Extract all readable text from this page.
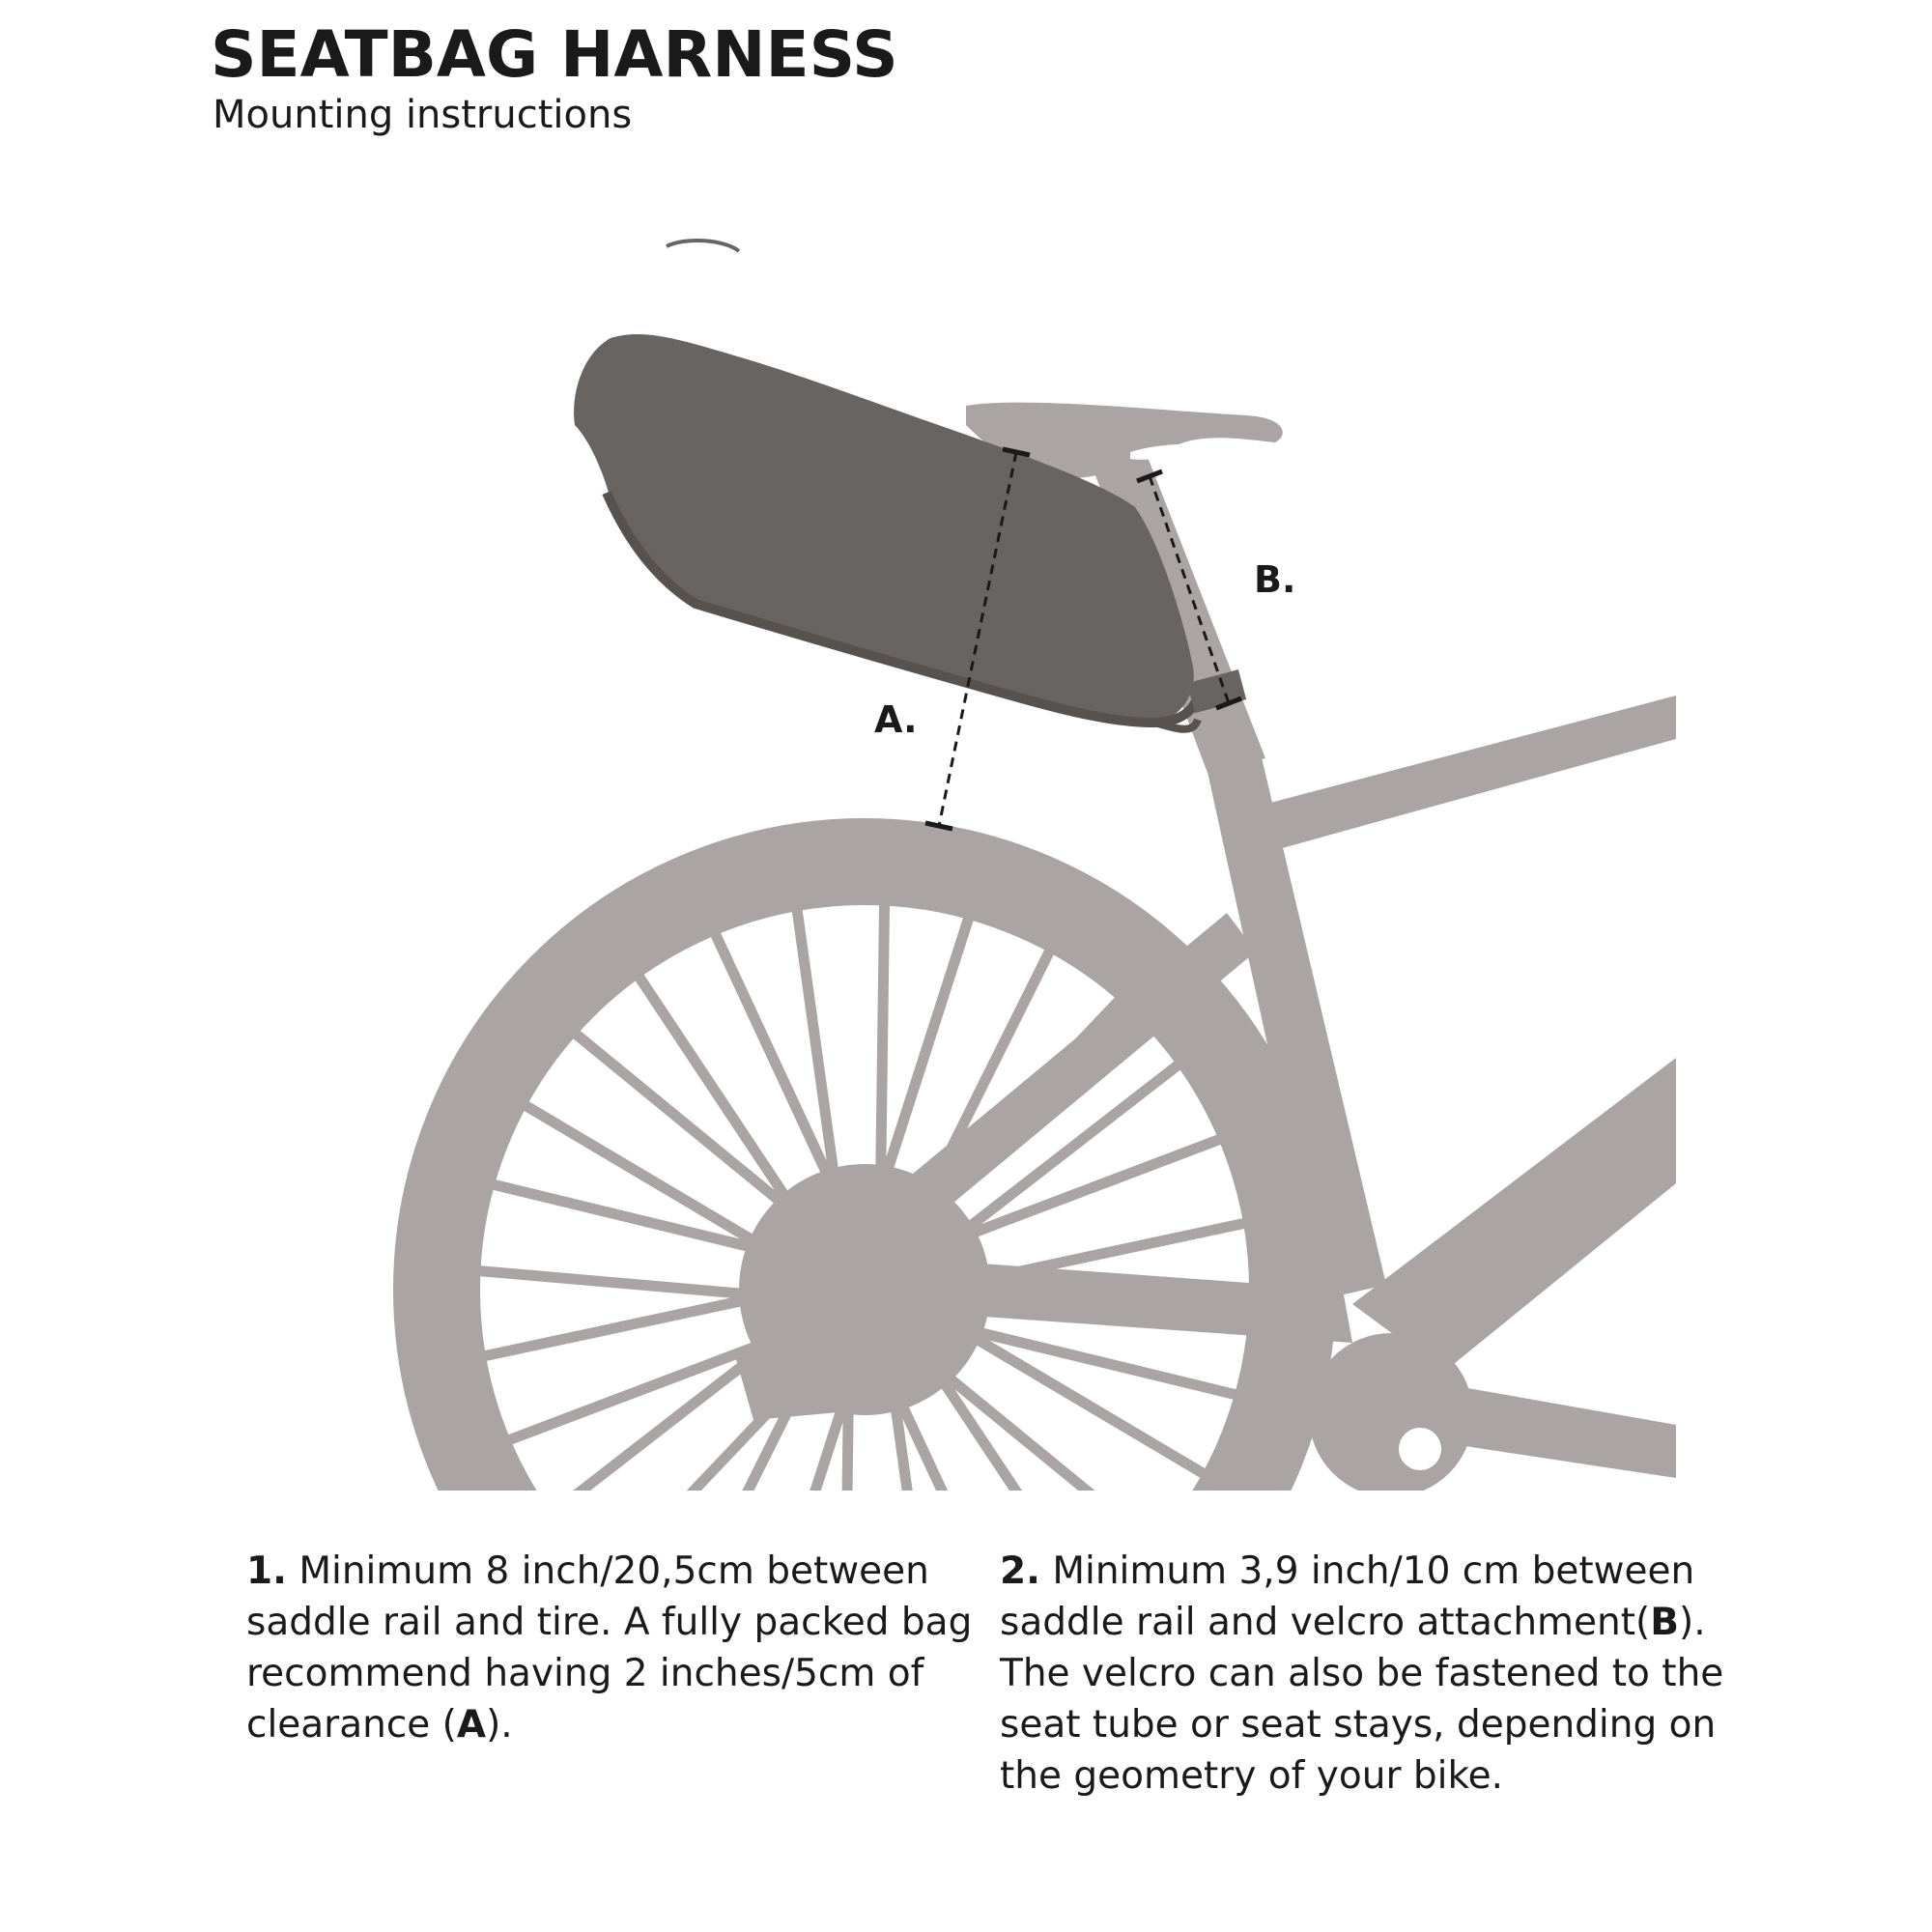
SEATBAG HARNESS

Mounting instructions

A.
B.
1. Minimum 8 inch/20,5cm between saddle rail and tire. A fully packed bag recommend having 2 inches/5cm of clearance (A).
2. Minimum 3,9 inch/10 cm between saddle rail and velcro attachment(B). The velcro can also be fastened to the seat tube or seat stays, depending on the geometry of your bike.
